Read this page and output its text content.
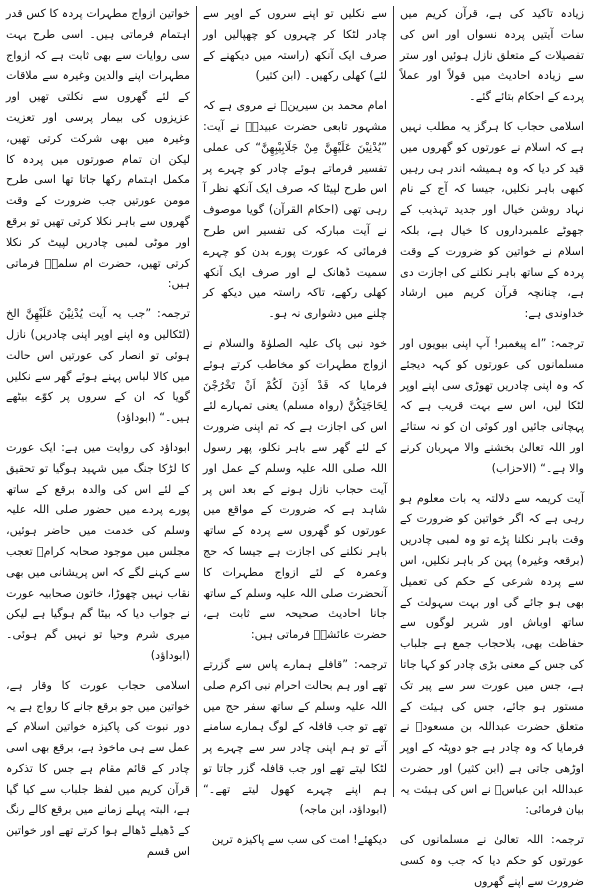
زیادہ تاکید کی ہے، قرآن کریم میں سات آیتیں پردہ نسواں اور اس کی تفصیلات کے متعلق نازل ہوئیں اور ستر سے زیادہ احادیث میں قولاً اور عملاً پردے کے احکام بتائے گئے۔

اسلامی حجاب کا ہرگز یہ مطلب نہیں ہے کہ اسلام نے عورتوں کو گھروں میں قید کر دیا کہ وہ ہمیشہ اندر ہی رہیں کبھی باہر نکلیں، جیسا کہ آج کے نام نہاد روشن خیال اور جدید تہذیب کے جھوٹے علمبرداروں کا خیال ہے، بلکہ اسلام نے خواتین کو ضرورت کے وقت پردہ کے ساتھ باہر نکلنے کی اجازت دی ہے، چنانچہ قرآن کریم میں ارشاد خداوندی ہے:

ترجمہ: ”اے پیغمبر! آپ اپنی بیویوں اور مسلمانوں کی عورتوں کو کہہ دیجئے کہ وہ اپنی چادریں تھوڑی سی اپنے اوپر لٹکا لیں، اس سے بہت قریب ہے کہ پہچانی جائیں اور کوئی ان کو نہ ستائے اور اللہ تعالیٰ بخشنے والا مہربان کرنے والا ہے۔“ (الاحزاب)

آیت کریمہ سے دلالتہ یہ بات معلوم ہو رہی ہے کہ اگر خواتین کو ضرورت کے وقت باہر نکلنا پڑے تو وہ لمبی چادریں (برقعہ وغیرہ) پہن کر باہر نکلیں، اس سے پردہ شرعی کے حکم کی تعمیل بھی ہو جائے گی اور بہت سہولت کے ساتھ اوباش اور شریر لوگوں سے حفاظت بھی، بلاحجاب جمع ہے جلباب کی جس کے معنی بڑی چادر کو کہا جاتا ہے، جس میں عورت سر سے پیر تک مستور ہو جائے، جس کی ہیئت کے متعلق حضرت عبداللہ بن مسعودؓ نے فرمایا کہ وہ چادر ہے جو دوپٹہ کے اوپر اوڑھی جاتی ہے (ابن کثیر) اور حضرت عبداللہ ابن عباسؓ نے اس کی ہیئت یہ بیان فرمائی:

ترجمہ: اللہ تعالیٰ نے مسلمانوں کی عورتوں کو حکم دیا کہ جب وہ کسی ضرورت سے اپنے گھروں

سے نکلیں تو اپنے سروں کے اوپر سے چادر لٹکا کر چہروں کو چھپالیں اور صرف ایک آنکھ (راستہ میں دیکھنے کے لئے) کھلی رکھیں۔ (ابن کثیر)

امام محمد بن سیرینؒ نے مروی ہے کہ مشہور تابعی حضرت عبیدہؓ نے آیت: ”یُدْنِیْنَ عَلَیْهِنَّ مِنْ جَلَابِیْبِهِنَّ“ کی عملی تفسیر فرماتے ہوئے چادر کو چہرے پر اس طرح لپیٹا کہ صرف ایک آنکھ نظر آ رہی تھی (احکام القرآن) گویا موصوف نے آیت مبارکہ کی تفسیر اس طرح فرمائی کہ عورت پورے بدن کو چہرے سمیت ڈھانک لے اور صرف ایک آنکھ کھلی رکھے، تاکہ راستہ میں دیکھ کر چلنے میں دشواری نہ ہو۔

خود نبی پاک علیہ الصلوٰۃ والسلام نے ازواج مطہرات کو مخاطب کرتے ہوئے فرمایا کہ قَدْ اَذِنَ لَکُمْ اَنْ تَخْرُجْنَ لِحَاجَتِکُنَّ (رواہ مسلم) یعنی تمہارے لئے اس کی اجازت ہے کہ تم اپنی ضرورت کے لئے گھر سے باہر نکلو، پھر رسول اللہ صلی اللہ علیہ وسلم کے عمل اور آیت حجاب نازل ہونے کے بعد اس پر شاہد ہے کہ ضرورت کے مواقع میں عورتوں کو گھروں سے پردہ کے ساتھ باہر نکلنے کی اجازت ہے جیسا کہ حج وعمرہ کے لئے ازواج مطہرات کا آنحضرت صلی اللہ علیہ وسلم کے ساتھ جانا احادیث صحیحہ سے ثابت ہے، حضرت عائشہؓ فرماتی ہیں:

ترجمہ: ”قافلے ہمارے پاس سے گزرتے تھے اور ہم بحالت احرام نبی اکرم صلی اللہ علیہ وسلم کے ساتھ سفر حج میں تھے تو جب قافلہ کے لوگ ہمارے سامنے آتے تو ہم اپنی چادر سر سے چہرے پر لٹکا لیتے تھے اور جب قافلہ گزر جاتا تو ہم اپنے چہرے کھول لیتے تھے۔“ (ابوداؤد، ابن ماجہ)

دیکھئے! امت کی سب سے پاکیزہ ترین

خواتین ازواج مطہرات پردہ کا کس قدر اہتمام فرماتی ہیں۔ اسی طرح بہت سی روایات سے بھی ثابت ہے کہ ازواج مطہرات اپنے والدین وغیرہ سے ملاقات کے لئے گھروں سے نکلتی تھیں اور عزیزوں کی بیمار پرسی اور تعزیت وغیرہ میں بھی شرکت کرتی تھیں، لیکن ان تمام صورتوں میں پردہ کا مکمل اہتمام رکھا جاتا تھا اسی طرح مومن عورتیں جب ضرورت کے وقت گھروں سے باہر نکلا کرتی تھیں تو برقع اور موٹی لمبی چادریں لپیٹ کر نکلا کرتی تھیں، حضرت ام سلمہؓ فرماتی ہیں:

ترجمہ: ”جب یہ آیت یُدْنِیْنَ عَلَیْهِنَّ الخ (لٹکالیں وہ اپنے اوپر اپنی چادریں) نازل ہوئی تو انصار کی عورتیں اس حالت میں کالا لباس پہنے ہوئے گھر سے نکلیں گویا کہ ان کے سروں پر کوّے بیٹھے ہیں۔“ (ابوداؤد)

ابوداؤد کی روایت میں ہے: ایک عورت کا لڑکا جنگ میں شہید ہوگیا تو تحقیق کے لئے اس کی والدہ برقع کے ساتھ پورے پردے میں حضور صلی اللہ علیہ وسلم کی خدمت میں حاضر ہوئیں، مجلس میں موجود صحابہ کرامؓ تعجب سے کہنے لگے کہ اس پریشانی میں بھی نقاب نہیں چھوڑا، خاتون صحابیہ عورت نے جواب دیا کہ بیٹا گم ہوگیا ہے لیکن میری شرم وحیا تو نہیں گم ہوئی۔ (ابوداؤد)

اسلامی حجاب عورت کا وقار ہے، خواتین میں جو برقع جانے کا رواج ہے یہ دور نبوت کی پاکیزہ خواتین اسلام کے عمل سے ہی ماخوذ ہے، برقع بھی اسی چادر کے قائم مقام ہے جس کا تذکرہ قرآن کریم میں لفظ جلباب سے کیا گیا ہے، البتہ پہلے زمانے میں برقع کالے رنگ کے ڈھیلے ڈھالے ہوا کرتے تھے اور خواتین اس قسم
